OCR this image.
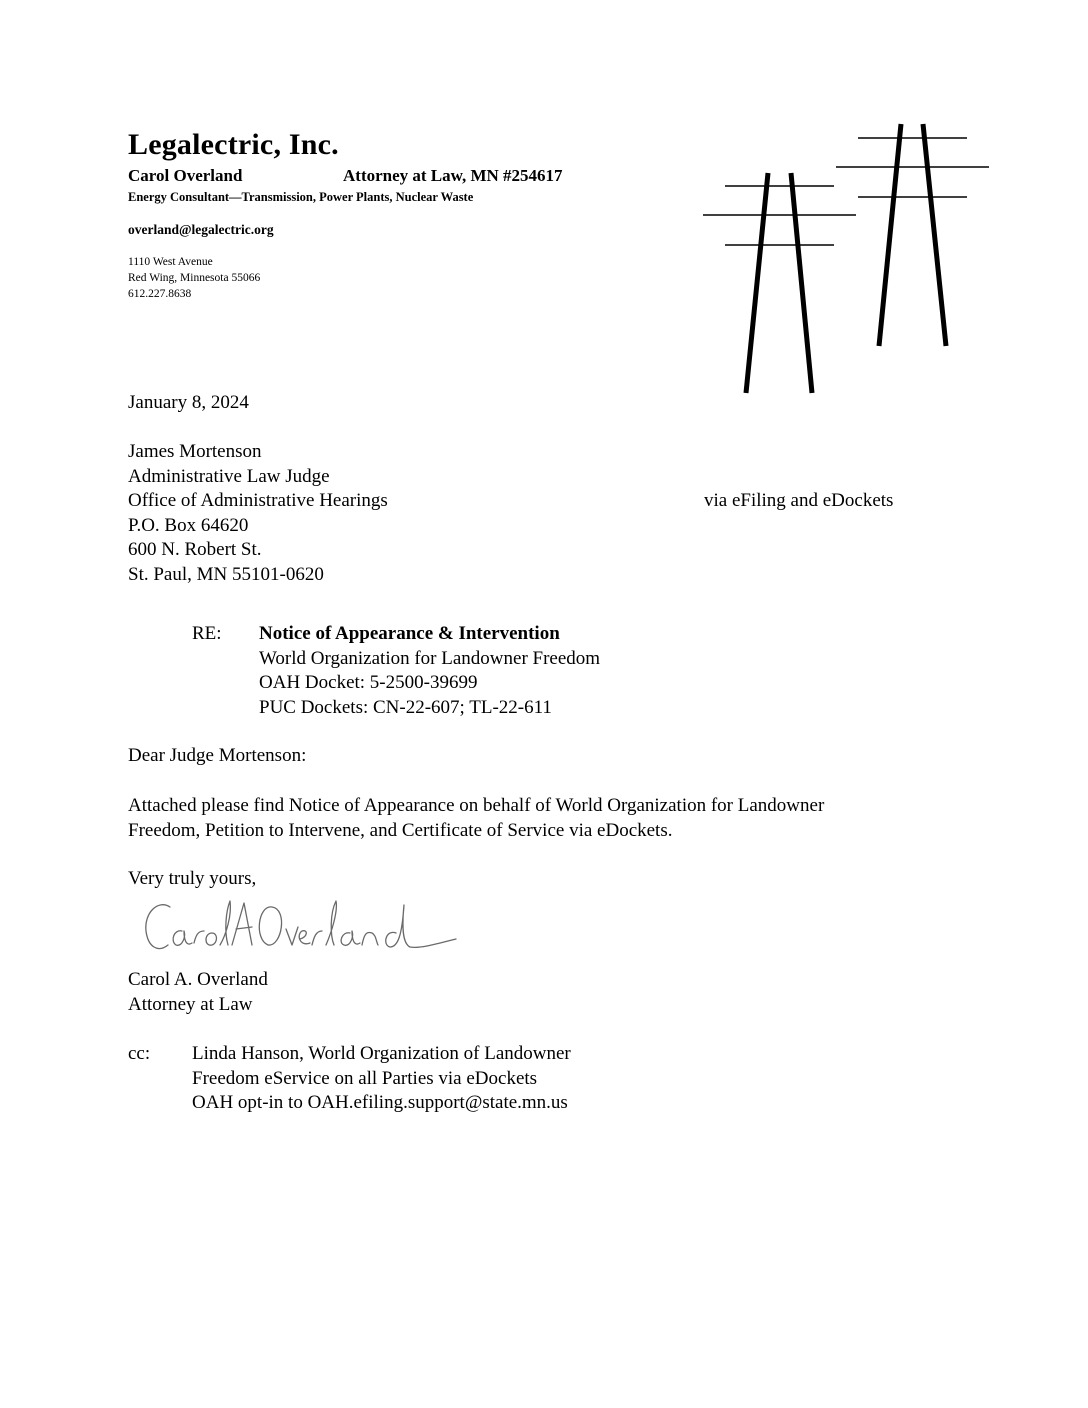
Legalectric, Inc.
Carol Overland	Attorney at Law, MN #254617
Energy Consultant—Transmission, Power Plants, Nuclear Waste
overland@legalectric.org
1110 West Avenue
Red Wing, Minnesota 55066
612.227.8638
January 8, 2024
James Mortenson
Administrative Law Judge
Office of Administrative Hearings
P.O. Box 64620
600 N. Robert St.
St. Paul, MN 55101-0620
via eFiling and eDockets
RE: Notice of Appearance & Intervention
World Organization for Landowner Freedom
OAH Docket: 5-2500-39699
PUC Dockets: CN-22-607; TL-22-611
Dear Judge Mortenson:
Attached please find Notice of Appearance on behalf of World Organization for Landowner
Freedom, Petition to Intervene, and Certificate of Service via eDockets.
Very truly yours,
Carol A. Overland
Attorney at Law
cc: Linda Hanson, World Organization of Landowner
Freedom eService on all Parties via eDockets
OAH opt-in to OAH.efiling.support@state.mn.us
